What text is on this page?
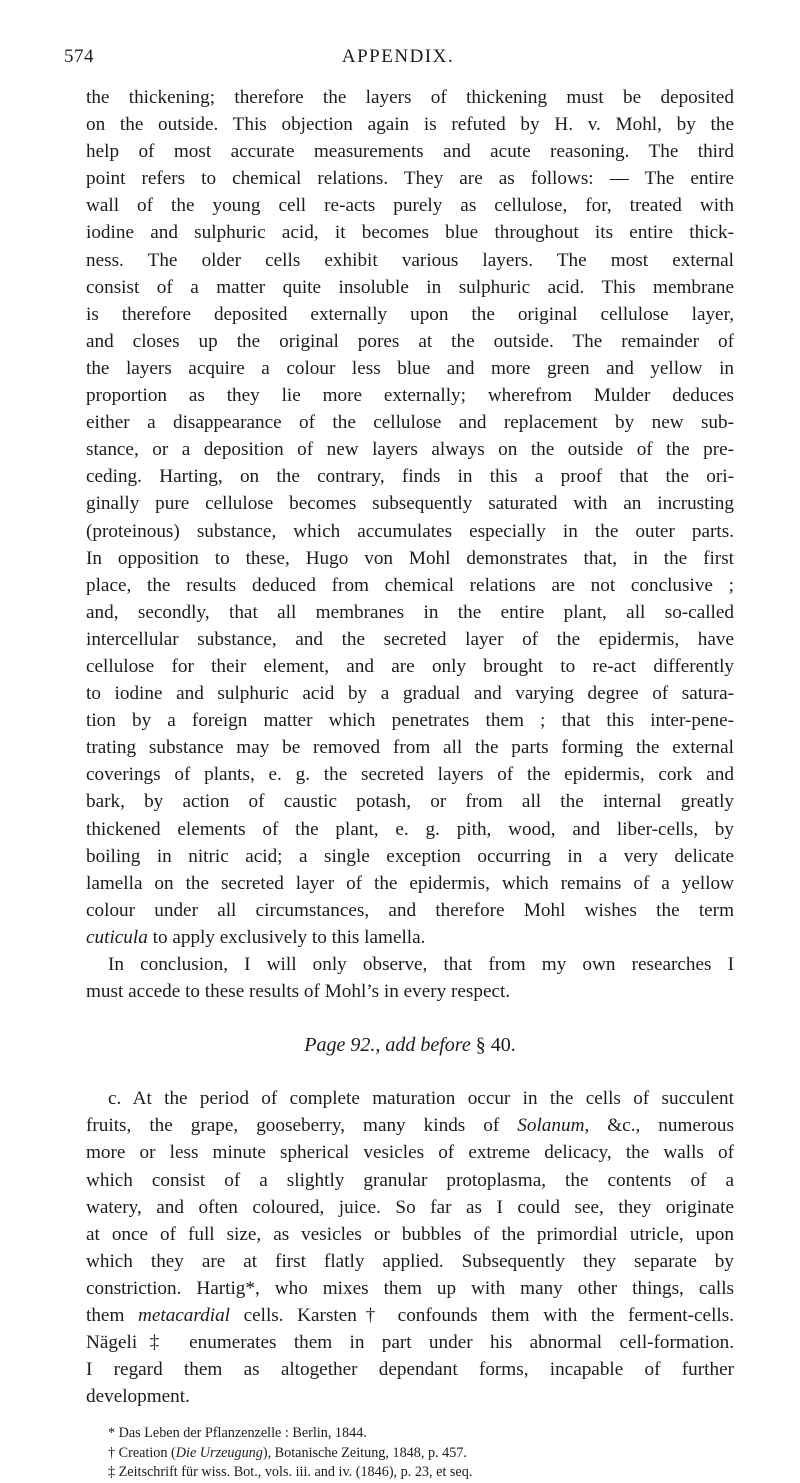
574	APPENDIX.

the thickening; therefore the layers of thickening must be deposited
on the outside. This objection again is refuted by H. v. Mohl, by the
help of most accurate measurements and acute reasoning. The third
point refers to chemical relations. They are as follows: — The entire
wall of the young cell re-acts purely as cellulose, for, treated with
iodine and sulphuric acid, it becomes blue throughout its entire thick-
ness. The older cells exhibit various layers. The most external
consist of a matter quite insoluble in sulphuric acid. This membrane
is therefore deposited externally upon the original cellulose layer,
and closes up the original pores at the outside. The remainder of
the layers acquire a colour less blue and more green and yellow in
proportion as they lie more externally; wherefrom Mulder deduces
either a disappearance of the cellulose and replacement by new sub-
stance, or a deposition of new layers always on the outside of the pre-
ceding. Harting, on the contrary, finds in this a proof that the ori-
ginally pure cellulose becomes subsequently saturated with an incrusting
(proteinous) substance, which accumulates especially in the outer parts.
In opposition to these, Hugo von Mohl demonstrates that, in the first
place, the results deduced from chemical relations are not conclusive ;
and, secondly, that all membranes in the entire plant, all so-called
intercellular substance, and the secreted layer of the epidermis, have
cellulose for their element, and are only brought to re-act differently
to iodine and sulphuric acid by a gradual and varying degree of satura-
tion by a foreign matter which penetrates them ; that this inter-pene-
trating substance may be removed from all the parts forming the external
coverings of plants, e. g. the secreted layers of the epidermis, cork and
bark, by action of caustic potash, or from all the internal greatly
thickened elements of the plant, e. g. pith, wood, and liber-cells, by
boiling in nitric acid; a single exception occurring in a very delicate
lamella on the secreted layer of the epidermis, which remains of a yellow
colour under all circumstances, and therefore Mohl wishes the term
cuticula to apply exclusively to this lamella.

In conclusion, I will only observe, that from my own researches I
must accede to these results of Mohl’s in every respect.

Page 92., add before § 40.

c. At the period of complete maturation occur in the cells of succulent
fruits, the grape, gooseberry, many kinds of Solanum, &c., numerous
more or less minute spherical vesicles of extreme delicacy, the walls of
which consist of a slightly granular protoplasma, the contents of a
watery, and often coloured, juice. So far as I could see, they originate
at once of full size, as vesicles or bubbles of the primordial utricle, upon
which they are at first flatly applied. Subsequently they separate by
constriction. Hartig*, who mixes them up with many other things, calls
them metacardial cells. Karsten† confounds them with the ferment-cells.
Nägeli‡ enumerates them in part under his abnormal cell-formation.
I regard them as altogether dependant forms, incapable of further
development.

* Das Leben der Pflanzenzelle : Berlin, 1844.
† Creation (Die Urzeugung), Botanische Zeitung, 1848, p. 457.
‡ Zeitschrift für wiss. Bot., vols. iii. and iv. (1846), p. 23, et seq.
